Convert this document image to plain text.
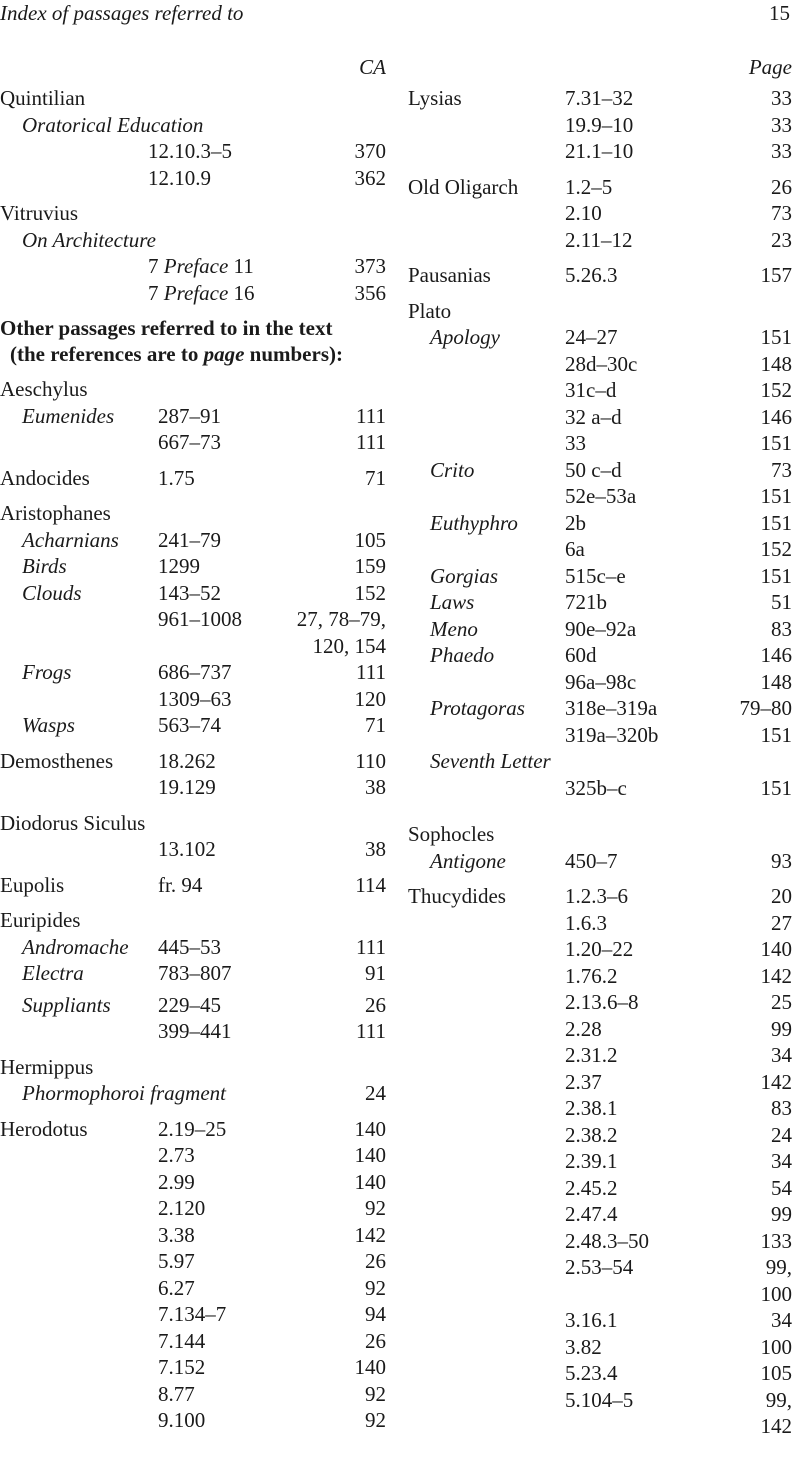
Index of passages referred to	15
CA
Quintilian
Oratorical Education
12.10.3–5	370
12.10.9	362
Vitruvius
On Architecture
7 Preface 11	373
7 Preface 16	356
Other passages referred to in the text
(the references are to page numbers):
Aeschylus
Eumenides 287–91	111
667–73	111
Andocides	1.75	71
Aristophanes
Acharnians 241–79	105
Birds	1299	159
Clouds	143–52	152
961–1008	27, 78–79,
120, 154
Frogs	686–737	111
1309–63	120
Wasps	563–74	71
Demosthenes 18.262	110
19.129	38
Diodorus Siculus
13.102	38
Eupolis	fr. 94	114
Euripides
Andromache 445–53	111
Electra	783–807	91
Suppliants 229–45	26
399–441	111
Hermippus
Phormophoroi fragment	24
Herodotus	2.19–25	140
2.73	140
2.99	140
2.120	92
3.38	142
5.97	26
6.27	92
7.134–7	94
7.144	26
7.152	140
8.77	92
9.100	92
Page
Lysias	7.31–32	33
19.9–10	33
21.1–10	33
Old Oligarch 1.2–5	26
2.10	73
2.11–12	23
Pausanias	5.26.3	157
Plato
Apology	24–27	151
28d–30c	148
31c–d	152
32 a–d	146
33	151
Crito	50 c–d	73
52e–53a	151
Euthyphro 2b	151
6a	152
Gorgias	515c–e	151
Laws	721b	51
Meno	90e–92a	83
Phaedo	60d	146
96a–98c	148
Protagoras 318e–319a	79–80
319a–320b	151
Seventh Letter
325b–c	151
Sophocles
Antigone	450–7	93
Thucydides	1.2.3–6	20
1.6.3	27
1.20–22	140
1.76.2	142
2.13.6–8	25
2.28	99
2.31.2	34
2.37	142
2.38.1	83
2.38.2	24
2.39.1	34
2.45.2	54
2.47.4	99
2.48.3–50	133
2.53–54	99,
100
3.16.1	34
3.82	100
5.23.4	105
5.104–5	99,
142
